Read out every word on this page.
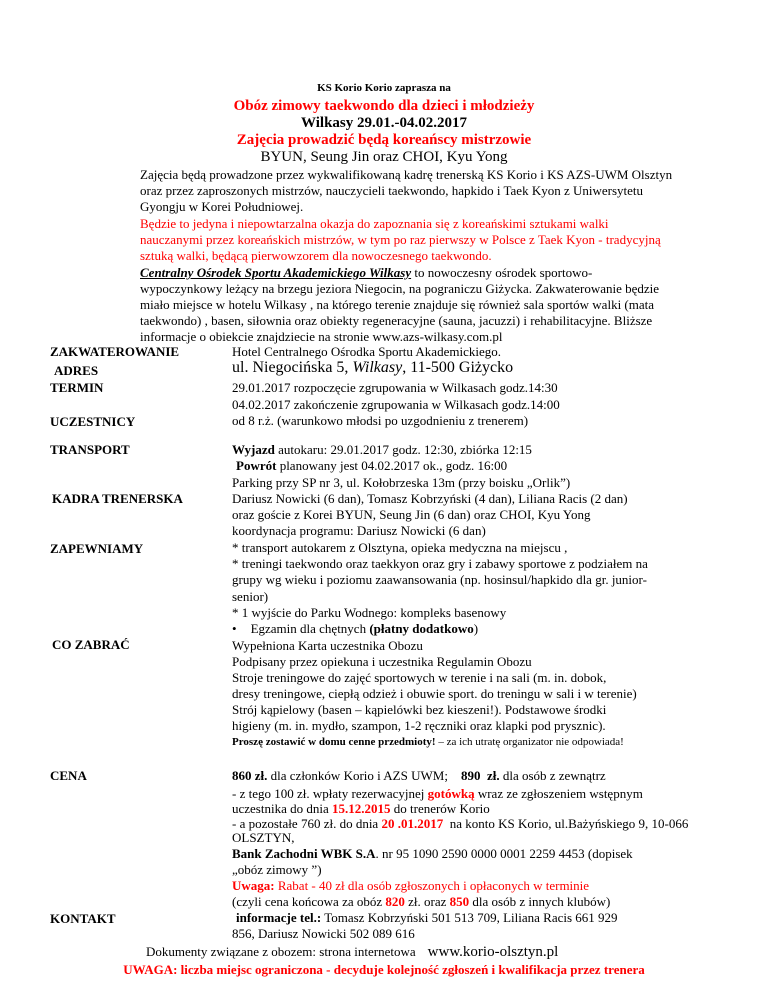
KS Korio Korio zaprasza na
Obóz zimowy taekwondo dla dzieci i młodzieży
Wilkasy 29.01.-04.02.2017
Zajęcia prowadzić będą koreańscy mistrzowie
BYUN, Seung Jin oraz CHOI, Kyu Yong
Zajęcia będą prowadzone przez wykwalifikowaną kadrę trenerską KS Korio i KS AZS-UWM Olsztyn
oraz przez zaproszonych mistrzów, nauczycieli taekwondo, hapkido i Taek Kyon z Uniwersytetu
Gyongju w Korei Południowej.
Będzie to jedyna i niepowtarzalna okazja do zapoznania się z koreańskimi sztukami walki
nauczanymi przez koreańskich mistrzów, w tym po raz pierwszy w Polsce z Taek Kyon - tradycyjną
sztuką walki, będącą pierwowzorem dla nowoczesnego taekwondo.
Centralny Ośrodek Sportu Akademickiego Wilkasy to nowoczesny ośrodek sportowo-
wypoczynkowy leżący na brzegu jeziora Niegocin, na pograniczu Giżycka. Zakwaterowanie będzie
miało miejsce w hotelu Wilkasy , na którego terenie znajduje się również sala sportów walki (mata
taekwondo) , basen, siłownia oraz obiekty regeneracyjne (sauna, jacuzzi) i rehabilitacyjne. Bliższe
informacje o obiekcie znajdziecie na stronie www.azs-wilkasy.com.pl
ZAKWATEROWANIE	Hotel Centralnego Ośrodka Sportu Akademickiego.
ADRES	ul. Niegocińska 5, Wilkasy, 11-500 Giżycko
TERMIN	29.01.2017 rozpoczęcie zgrupowania w Wilkasach godz.14:30
04.02.2017 zakończenie zgrupowania w Wilkasach godz.14:00
UCZESTNICY	od 8 r.ż. (warunkowo młodsi po uzgodnieniu z trenerem)
TRANSPORT	Wyjazd autokaru: 29.01.2017 godz. 12:30, zbiórka 12:15
Powrót planowany jest 04.02.2017 ok., godz. 16:00
Parking przy SP nr 3, ul. Kołobrzeska 13m (przy boisku „Orlik”)
KADRA TRENERSKA	Dariusz Nowicki (6 dan), Tomasz Kobrzyński (4 dan), Liliana Racis (2 dan)
oraz goście z Korei BYUN, Seung Jin (6 dan) oraz CHOI, Kyu Yong
koordynacja programu: Dariusz Nowicki (6 dan)
ZAPEWNIAMY	* transport autokarem z Olsztyna, opieka medyczna na miejscu ,
* treningi taekwondo oraz taekkyon oraz gry i zabawy sportowe z podziałem na
grupy wg wieku i poziomu zaawansowania (np. hosinsul/hapkido dla gr. junior-
senior)
* 1 wyjście do Parku Wodnego: kompleks basenowy
• Egzamin dla chętnych (płatny dodatkowo)
CO ZABRAĆ	Wypełniona Karta uczestnika Obozu
Podpisany przez opiekuna i uczestnika Regulamin Obozu
Stroje treningowe do zajęć sportowych w terenie i na sali (m. in. dobok,
dresy treningowe, ciepłą odzież i obuwie sport. do treningu w sali i w terenie)
Strój kąpielowy (basen – kąpielówki bez kieszeni!). Podstawowe środki
higieny (m. in. mydło, szampon, 1-2 ręczniki oraz klapki pod prysznic).
Proszę zostawić w domu cenne przedmioty! – za ich utratę organizator nie odpowiada!
CENA	860 zł. dla członków Korio i AZS UWM;    890  zł. dla osób z zewnątrz
- z tego 100 zł. wpłaty rezerwacyjnej gotówką wraz ze zgłoszeniem wstępnym
uczestnika do dnia 15.12.2015 do trenerów Korio
- a pozostałe 760 zł. do dnia 20 .01.2017  na konto KS Korio, ul.Bażyńskiego 9, 10-066
OLSZTYN,
Bank Zachodni WBK S.A. nr 95 1090 2590 0000 0001 2259 4453 (dopisek
„obóz zimowy ”)
Uwaga: Rabat - 40 zł dla osób zgłoszonych i opłaconych w terminie
(czyli cena końcowa za obóz 820 zł. oraz 850 dla osób z innych klubów)
KONTAKT	informacje tel.: Tomasz Kobrzyński 501 513 709, Liliana Racis 661 929
856, Dariusz Nowicki 502 089 616
Dokumenty związane z obozem: strona internetowa www.korio-olsztyn.pl
UWAGA: liczba miejsc ograniczona - decyduje kolejność zgłoszeń i kwalifikacja przez trenera
